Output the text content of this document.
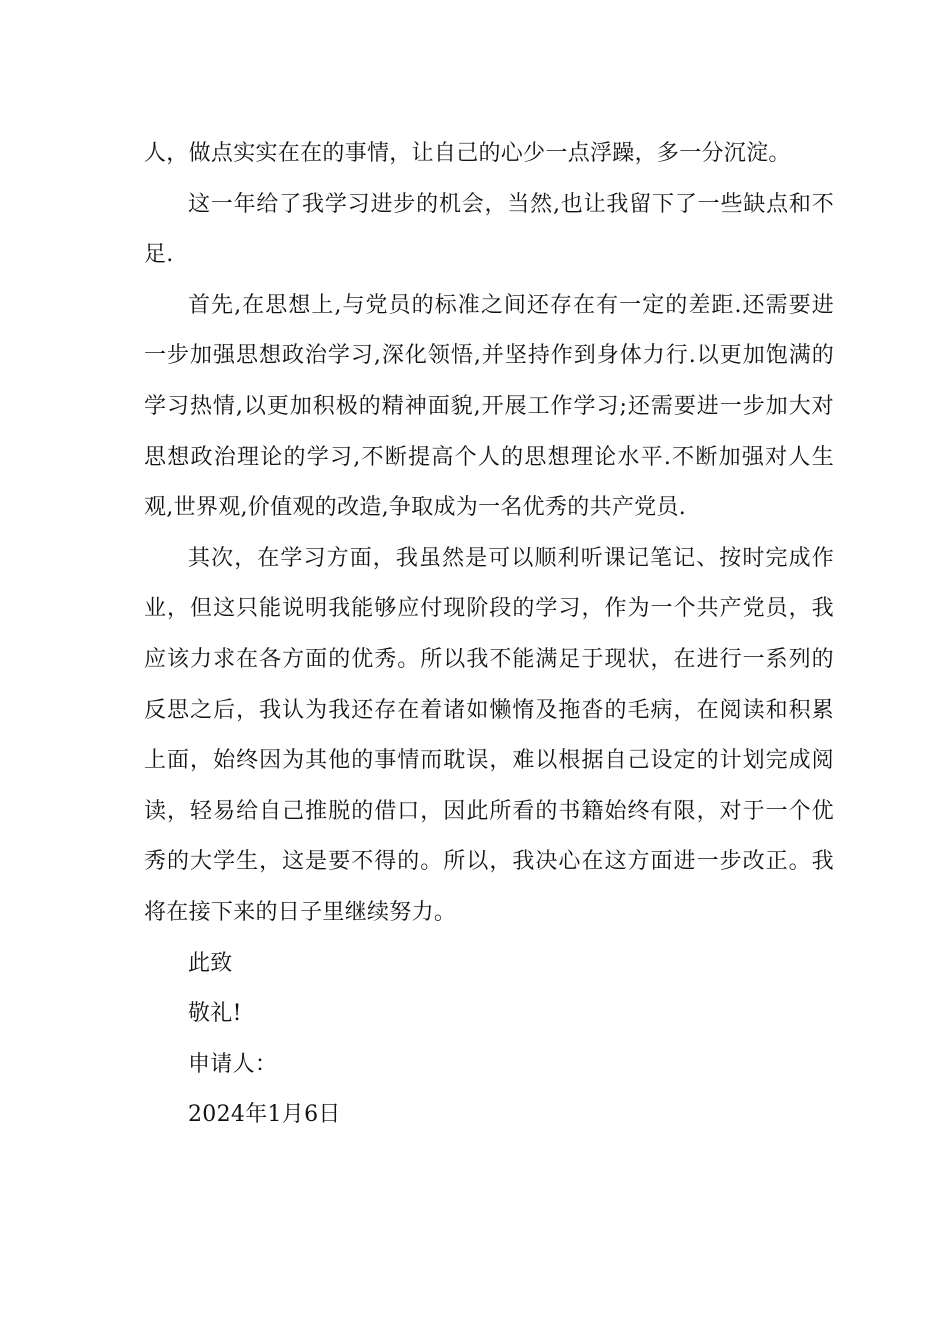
人，做点实实在在的事情，让自己的心少一点浮躁，多一分沉淀。

这一年给了我学习进步的机会，当然,也让我留下了一些缺点和不足.

首先,在思想上,与党员的标准之间还存在有一定的差距.还需要进一步加强思想政治学习,深化领悟,并坚持作到身体力行.以更加饱满的学习热情,以更加积极的精神面貌,开展工作学习;还需要进一步加大对思想政治理论的学习,不断提高个人的思想理论水平.不断加强对人生观,世界观,价值观的改造,争取成为一名优秀的共产党员.

其次，在学习方面，我虽然是可以顺利听课记笔记、按时完成作业，但这只能说明我能够应付现阶段的学习，作为一个共产党员，我应该力求在各方面的优秀。所以我不能满足于现状，在进行一系列的反思之后，我认为我还存在着诸如懒惰及拖沓的毛病，在阅读和积累上面，始终因为其他的事情而耽误，难以根据自己设定的计划完成阅读，轻易给自己推脱的借口，因此所看的书籍始终有限，对于一个优秀的大学生，这是要不得的。所以，我决心在这方面进一步改正。我将在接下来的日子里继续努力。

此致
敬礼!
申请人：
2024年1月6日
